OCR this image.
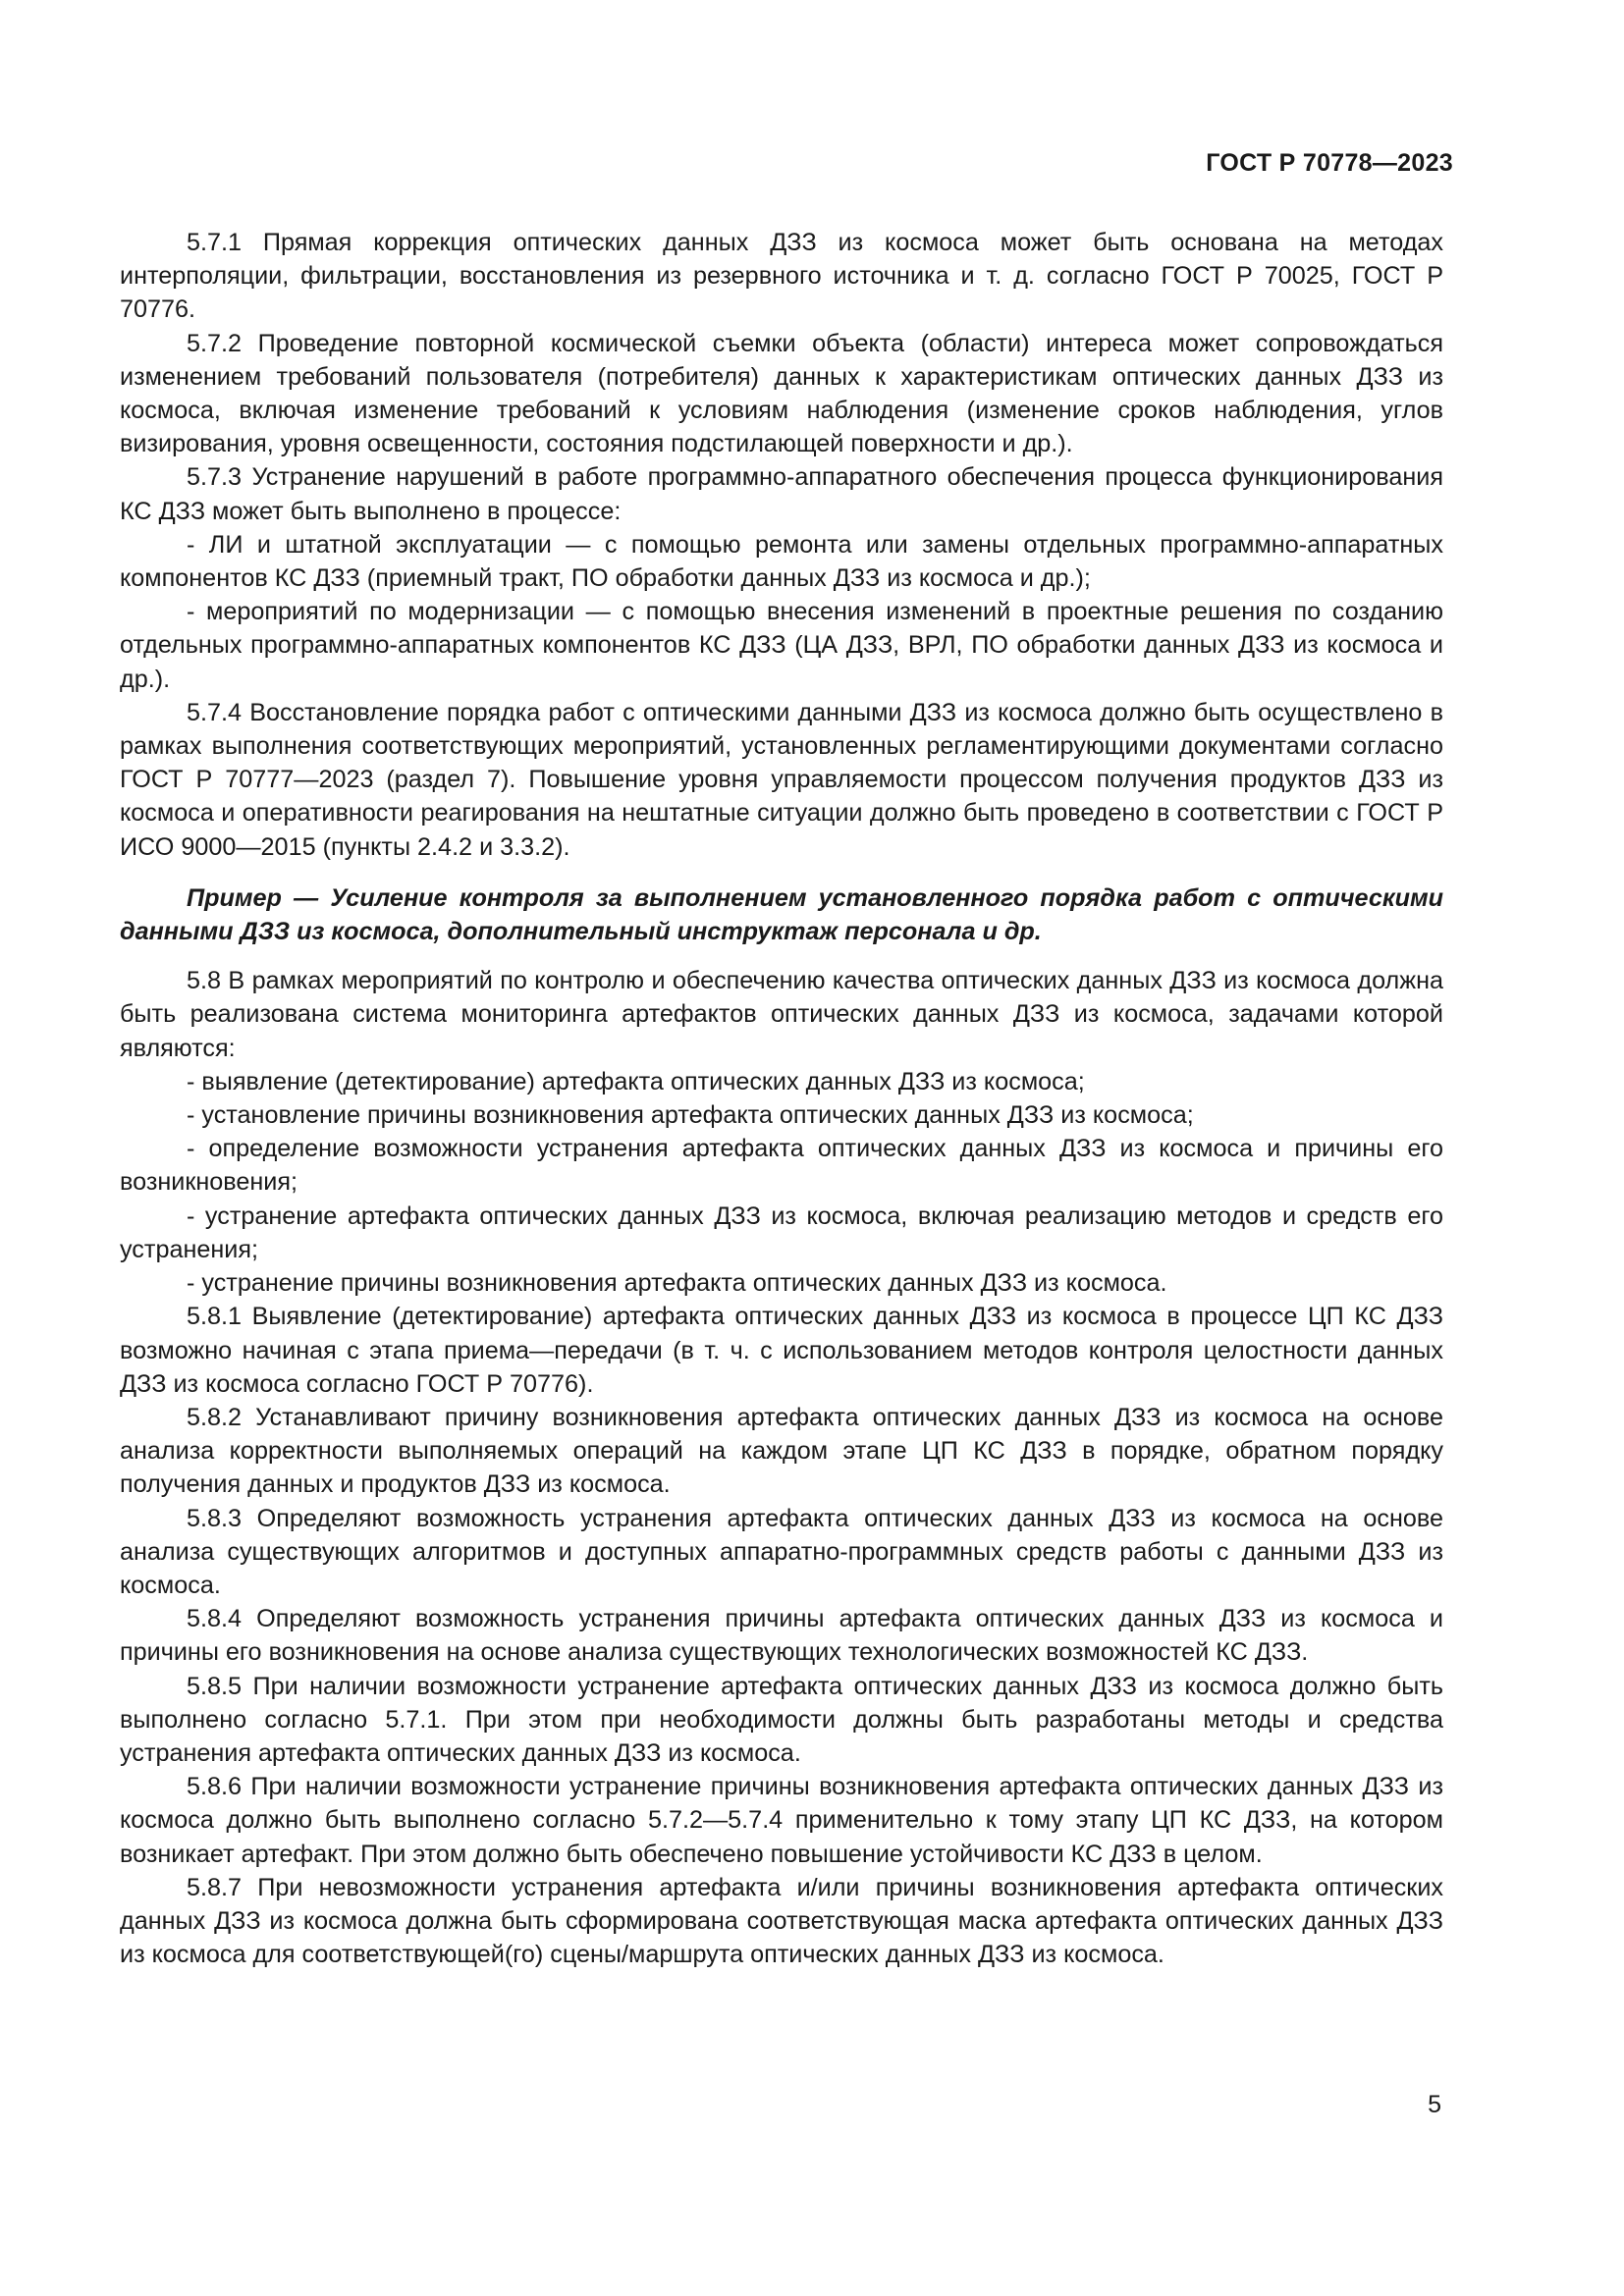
ГОСТ Р 70778—2023

5.7.1 Прямая коррекция оптических данных ДЗЗ из космоса может быть основана на методах интерполяции, фильтрации, восстановления из резервного источника и т. д. согласно ГОСТ Р 70025, ГОСТ Р 70776.

5.7.2 Проведение повторной космической съемки объекта (области) интереса может сопровождаться изменением требований пользователя (потребителя) данных к характеристикам оптических данных ДЗЗ из космоса, включая изменение требований к условиям наблюдения (изменение сроков наблюдения, углов визирования, уровня освещенности, состояния подстилающей поверхности и др.).

5.7.3 Устранение нарушений в работе программно-аппаратного обеспечения процесса функционирования КС ДЗЗ может быть выполнено в процессе:

- ЛИ и штатной эксплуатации — с помощью ремонта или замены отдельных программно-аппаратных компонентов КС ДЗЗ (приемный тракт, ПО обработки данных ДЗЗ из космоса и др.);

- мероприятий по модернизации — с помощью внесения изменений в проектные решения по созданию отдельных программно-аппаратных компонентов КС ДЗЗ (ЦА ДЗЗ, ВРЛ, ПО обработки данных ДЗЗ из космоса и др.).

5.7.4 Восстановление порядка работ с оптическими данными ДЗЗ из космоса должно быть осуществлено в рамках выполнения соответствующих мероприятий, установленных регламентирующими документами согласно ГОСТ Р 70777—2023 (раздел 7). Повышение уровня управляемости процессом получения продуктов ДЗЗ из космоса и оперативности реагирования на нештатные ситуации должно быть проведено в соответствии с ГОСТ Р ИСО 9000—2015 (пункты 2.4.2 и 3.3.2).

Пример — Усиление контроля за выполнением установленного порядка работ с оптическими данными ДЗЗ из космоса, дополнительный инструктаж персонала и др.

5.8 В рамках мероприятий по контролю и обеспечению качества оптических данных ДЗЗ из космоса должна быть реализована система мониторинга артефактов оптических данных ДЗЗ из космоса, задачами которой являются:

- выявление (детектирование) артефакта оптических данных ДЗЗ из космоса;

- установление причины возникновения артефакта оптических данных ДЗЗ из космоса;

- определение возможности устранения артефакта оптических данных ДЗЗ из космоса и причины его возникновения;

- устранение артефакта оптических данных ДЗЗ из космоса, включая реализацию методов и средств его устранения;

- устранение причины возникновения артефакта оптических данных ДЗЗ из космоса.

5.8.1 Выявление (детектирование) артефакта оптических данных ДЗЗ из космоса в процессе ЦП КС ДЗЗ возможно начиная с этапа приема—передачи (в т. ч. с использованием методов контроля целостности данных ДЗЗ из космоса согласно ГОСТ Р 70776).

5.8.2 Устанавливают причину возникновения артефакта оптических данных ДЗЗ из космоса на основе анализа корректности выполняемых операций на каждом этапе ЦП КС ДЗЗ в порядке, обратном порядку получения данных и продуктов ДЗЗ из космоса.

5.8.3 Определяют возможность устранения артефакта оптических данных ДЗЗ из космоса на основе анализа существующих алгоритмов и доступных аппаратно-программных средств работы с данными ДЗЗ из космоса.

5.8.4 Определяют возможность устранения причины артефакта оптических данных ДЗЗ из космоса и причины его возникновения на основе анализа существующих технологических возможностей КС ДЗЗ.

5.8.5 При наличии возможности устранение артефакта оптических данных ДЗЗ из космоса должно быть выполнено согласно 5.7.1. При этом при необходимости должны быть разработаны методы и средства устранения артефакта оптических данных ДЗЗ из космоса.

5.8.6 При наличии возможности устранение причины возникновения артефакта оптических данных ДЗЗ из космоса должно быть выполнено согласно 5.7.2—5.7.4 применительно к тому этапу ЦП КС ДЗЗ, на котором возникает артефакт. При этом должно быть обеспечено повышение устойчивости КС ДЗЗ в целом.

5.8.7 При невозможности устранения артефакта и/или причины возникновения артефакта оптических данных ДЗЗ из космоса должна быть сформирована соответствующая маска артефакта оптических данных ДЗЗ из космоса для соответствующей(го) сцены/маршрута оптических данных ДЗЗ из космоса.

5
